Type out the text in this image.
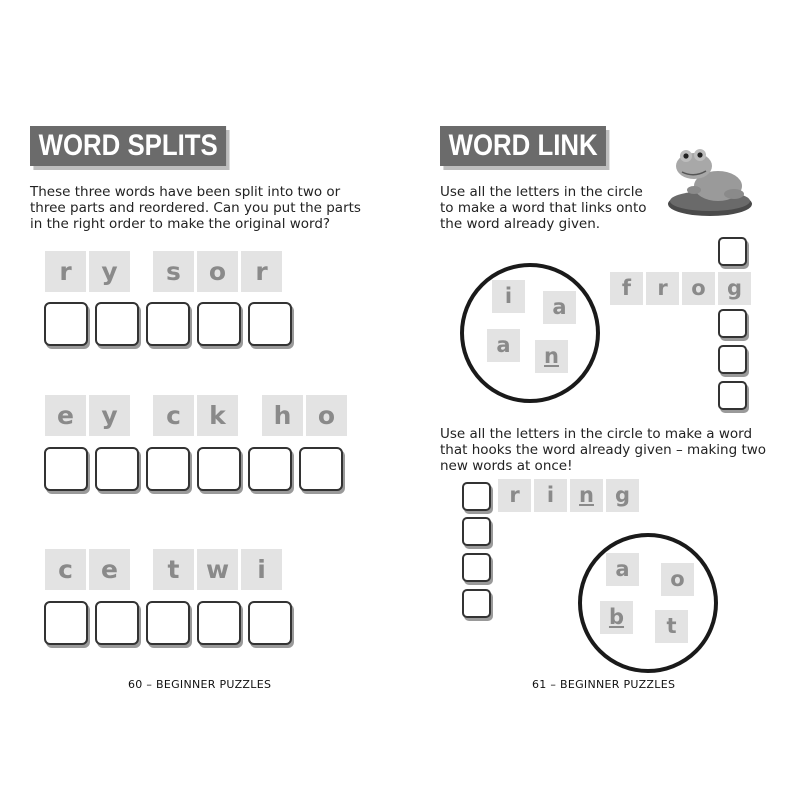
WORD SPLITS
These three words have been split into two or
three parts and reordered. Can you put the parts
in the right order to make the original word?
r	y	s	o	r
e	y	c	k	h	o
c	e	t	w	i
60 – BEGINNER PUZZLES
WORD LINK
Use all the letters in the circle
to make a word that links onto
the word already given.
i	a
a	n
f	r	o	g
Use all the letters in the circle to make a word
that hooks the word already given – making two
new words at once!
r	i	n	g
a	o
b	t
61 – BEGINNER PUZZLES
